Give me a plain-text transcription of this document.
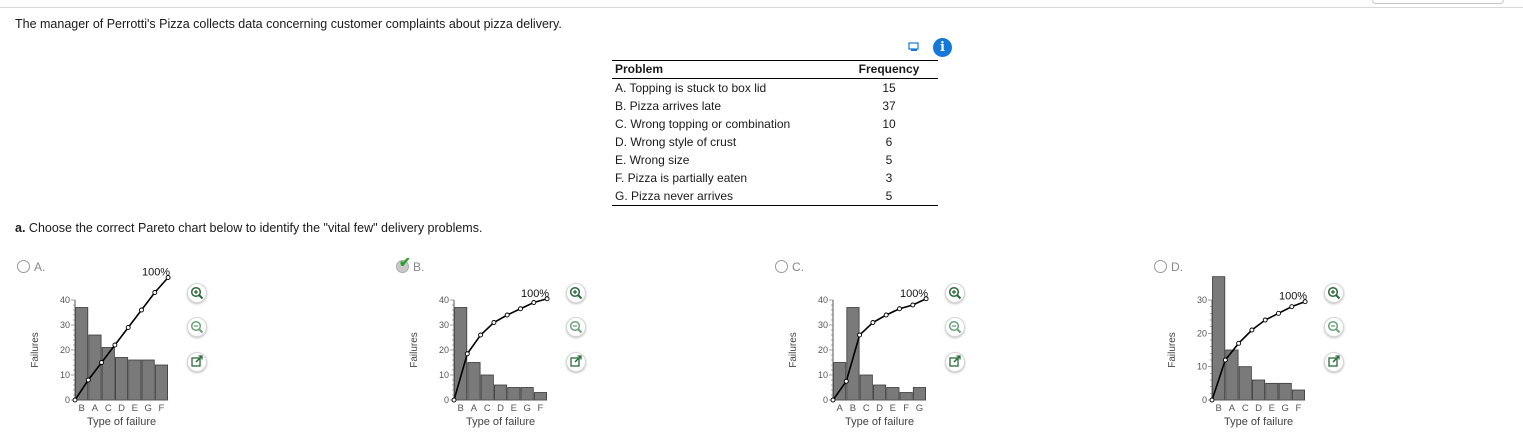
The manager of Perrotti's Pizza collects data concerning customer complaints about pizza delivery.
i
Problem	Frequency
A. Topping is stuck to box lid	15
B. Pizza arrives late	37
C. Wrong topping or combination	10
D. Wrong style of crust	6
E. Wrong size	5
F. Pizza is partially eaten	3
G. Pizza never arrives	5
a. Choose the correct Pareto chart below to identify the "vital few" delivery problems.
A.	✔ B.	C.	D.
0
10
20
30
40
B A C D E G F
Type of failure
Failures
100%
0
10
20
30
40
B A C D E G F
Type of failure
Failures
100%
0
10
20
30
40
A B C D E F G
Type of failure
Failures
100%
0
10
20
30
B A C D E G F
Type of failure
Failures
100%
